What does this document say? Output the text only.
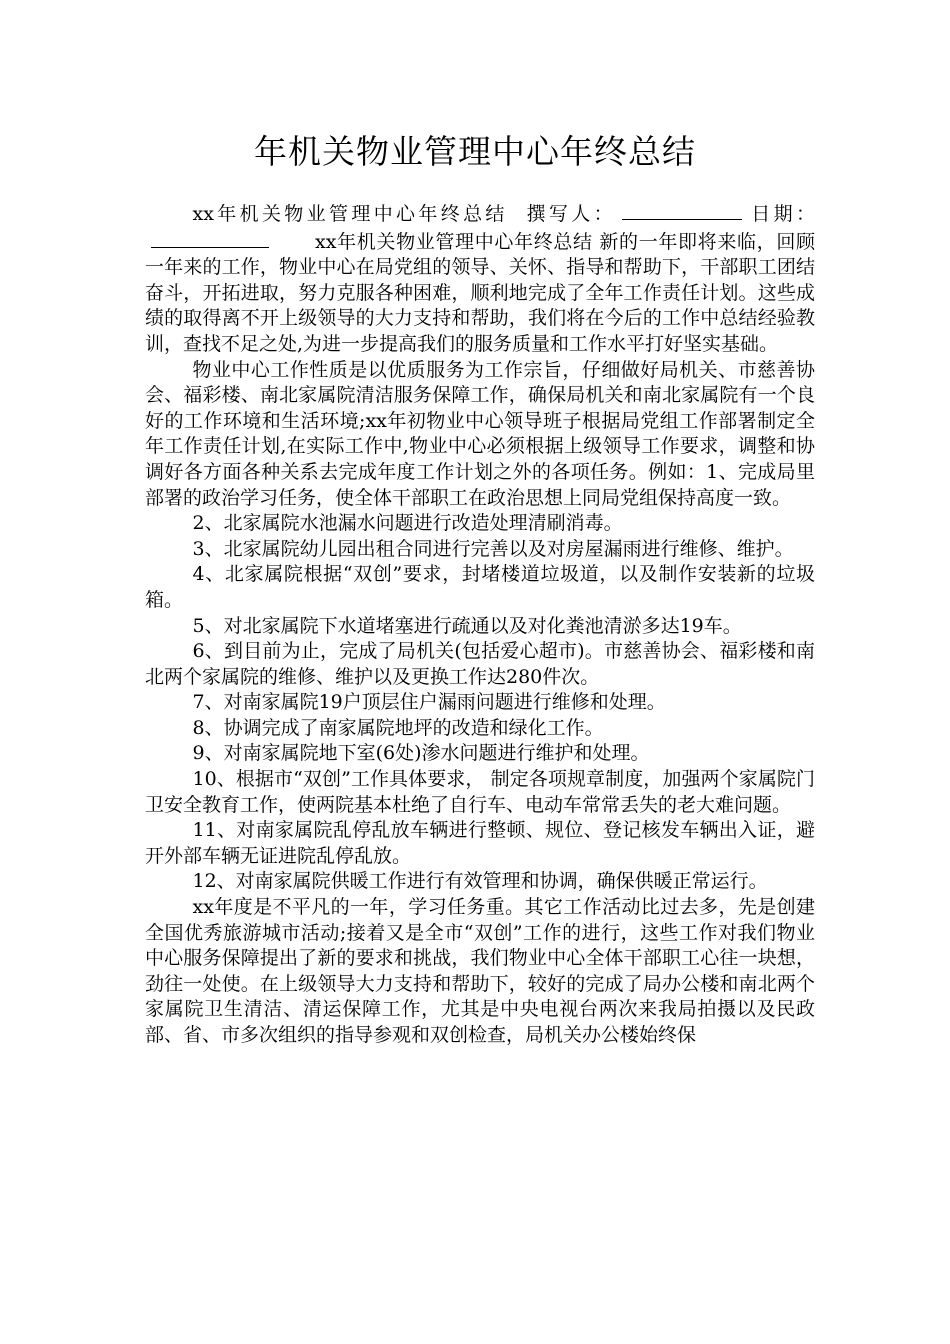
年机关物业管理中心年终总结

xx年机关物业管理中心年终总结 撰写人：	日期：xx年机关物业管理中心年终总结 新的一年即将来临，回顾一年来的工作，物业中心在局党组的领导、关怀、指导和帮助下，干部职工团结奋斗，开拓进取，努力克服各种困难，顺利地完成了全年工作责任计划。这些成绩的取得离不开上级领导的大力支持和帮助，我们将在今后的工作中总结经验教训，查找不足之处,为进一步提高我们的服务质量和工作水平打好坚实基础。

物业中心工作性质是以优质服务为工作宗旨，仔细做好局机关、市慈善协会、福彩楼、南北家属院清洁服务保障工作，确保局机关和南北家属院有一个良好的工作环境和生活环境;xx年初物业中心领导班子根据局党组工作部署制定全年工作责任计划,在实际工作中,物业中心必须根据上级领导工作要求，调整和协调好各方面各种关系去完成年度工作计划之外的各项任务。例如：1、完成局里部署的政治学习任务，使全体干部职工在政治思想上同局党组保持高度一致。

2、北家属院水池漏水问题进行改造处理清刷消毒。

3、北家属院幼儿园出租合同进行完善以及对房屋漏雨进行维修、维护。

4、北家属院根据“双创”要求，封堵楼道垃圾道，以及制作安装新的垃圾箱。

5、对北家属院下水道堵塞进行疏通以及对化粪池清淤多达19车。

6、到目前为止，完成了局机关(包括爱心超市)。市慈善协会、福彩楼和南北两个家属院的维修、维护以及更换工作达280件次。

7、对南家属院19户顶层住户漏雨问题进行维修和处理。

8、协调完成了南家属院地坪的改造和绿化工作。

9、对南家属院地下室(6处)渗水问题进行维护和处理。

10、根据市“双创”工作具体要求， 制定各项规章制度，加强两个家属院门卫安全教育工作，使两院基本杜绝了自行车、电动车常常丢失的老大难问题。

11、对南家属院乱停乱放车辆进行整顿、规位、登记核发车辆出入证，避开外部车辆无证进院乱停乱放。

12、对南家属院供暖工作进行有效管理和协调，确保供暖正常运行。

xx年度是不平凡的一年，学习任务重。其它工作活动比过去多，先是创建全国优秀旅游城市活动;接着又是全市“双创”工作的进行，这些工作对我们物业中心服务保障提出了新的要求和挑战，我们物业中心全体干部职工心往一块想，劲往一处使。在上级领导大力支持和帮助下，较好的完成了局办公楼和南北两个家属院卫生清洁、清运保障工作，尤其是中央电视台两次来我局拍摄以及民政部、省、市多次组织的指导参观和双创检查，局机关办公楼始终保
